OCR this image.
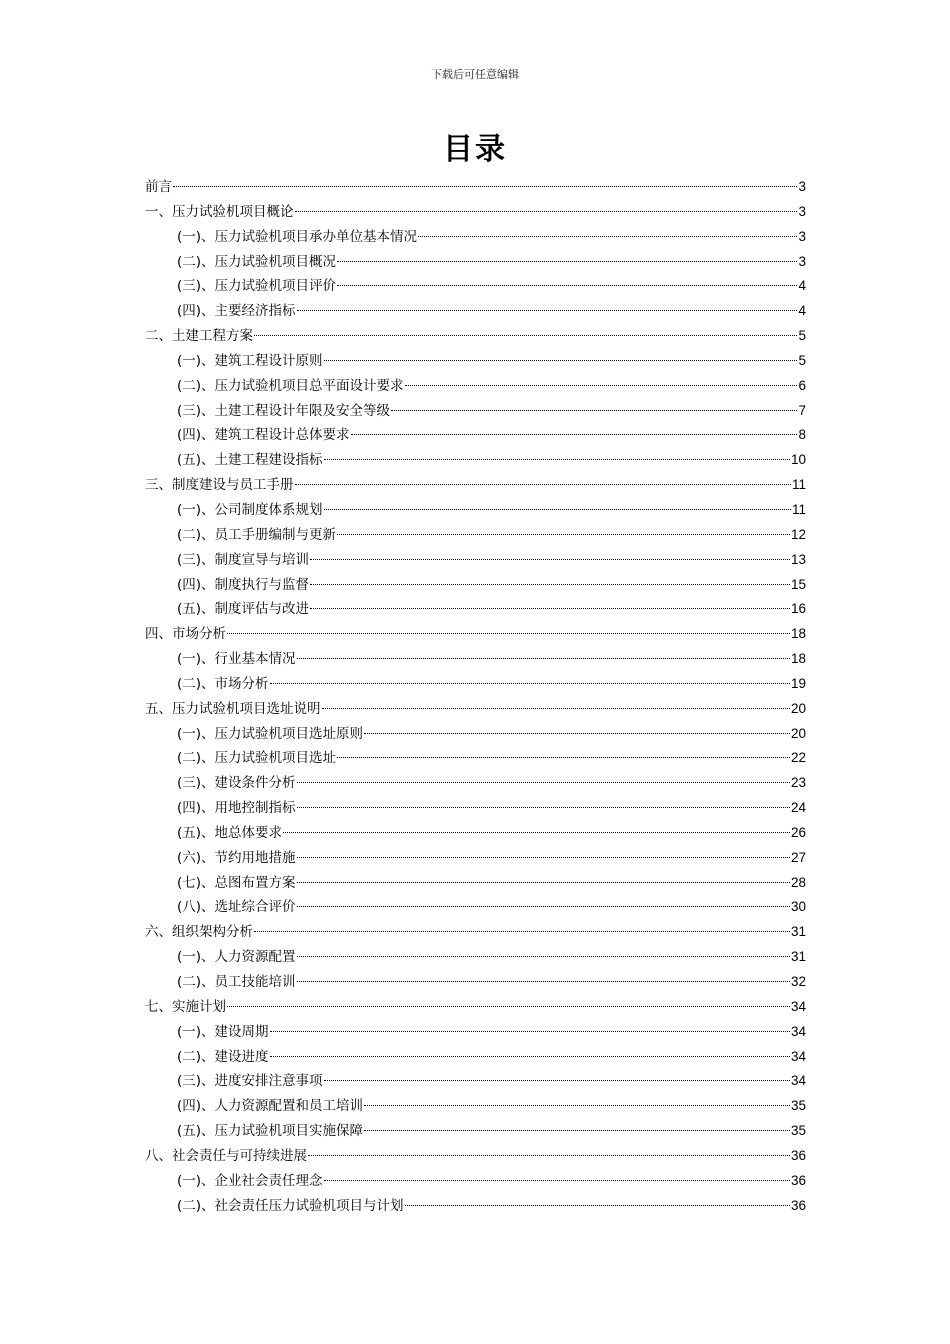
下载后可任意编辑
目录
前言	3
一、压力试验机项目概论	3
(一)、压力试验机项目承办单位基本情况	3
(二)、压力试验机项目概况	3
(三)、压力试验机项目评价	4
(四)、主要经济指标	4
二、土建工程方案	5
(一)、建筑工程设计原则	5
(二)、压力试验机项目总平面设计要求	6
(三)、土建工程设计年限及安全等级	7
(四)、建筑工程设计总体要求	8
(五)、土建工程建设指标	10
三、制度建设与员工手册	11
(一)、公司制度体系规划	11
(二)、员工手册编制与更新	12
(三)、制度宣导与培训	13
(四)、制度执行与监督	15
(五)、制度评估与改进	16
四、市场分析	18
(一)、行业基本情况	18
(二)、市场分析	19
五、压力试验机项目选址说明	20
(一)、压力试验机项目选址原则	20
(二)、压力试验机项目选址	22
(三)、建设条件分析	23
(四)、用地控制指标	24
(五)、地总体要求	26
(六)、节约用地措施	27
(七)、总图布置方案	28
(八)、选址综合评价	30
六、组织架构分析	31
(一)、人力资源配置	31
(二)、员工技能培训	32
七、实施计划	34
(一)、建设周期	34
(二)、建设进度	34
(三)、进度安排注意事项	34
(四)、人力资源配置和员工培训	35
(五)、压力试验机项目实施保障	35
八、社会责任与可持续进展	36
(一)、企业社会责任理念	36
(二)、社会责任压力试验机项目与计划	36
